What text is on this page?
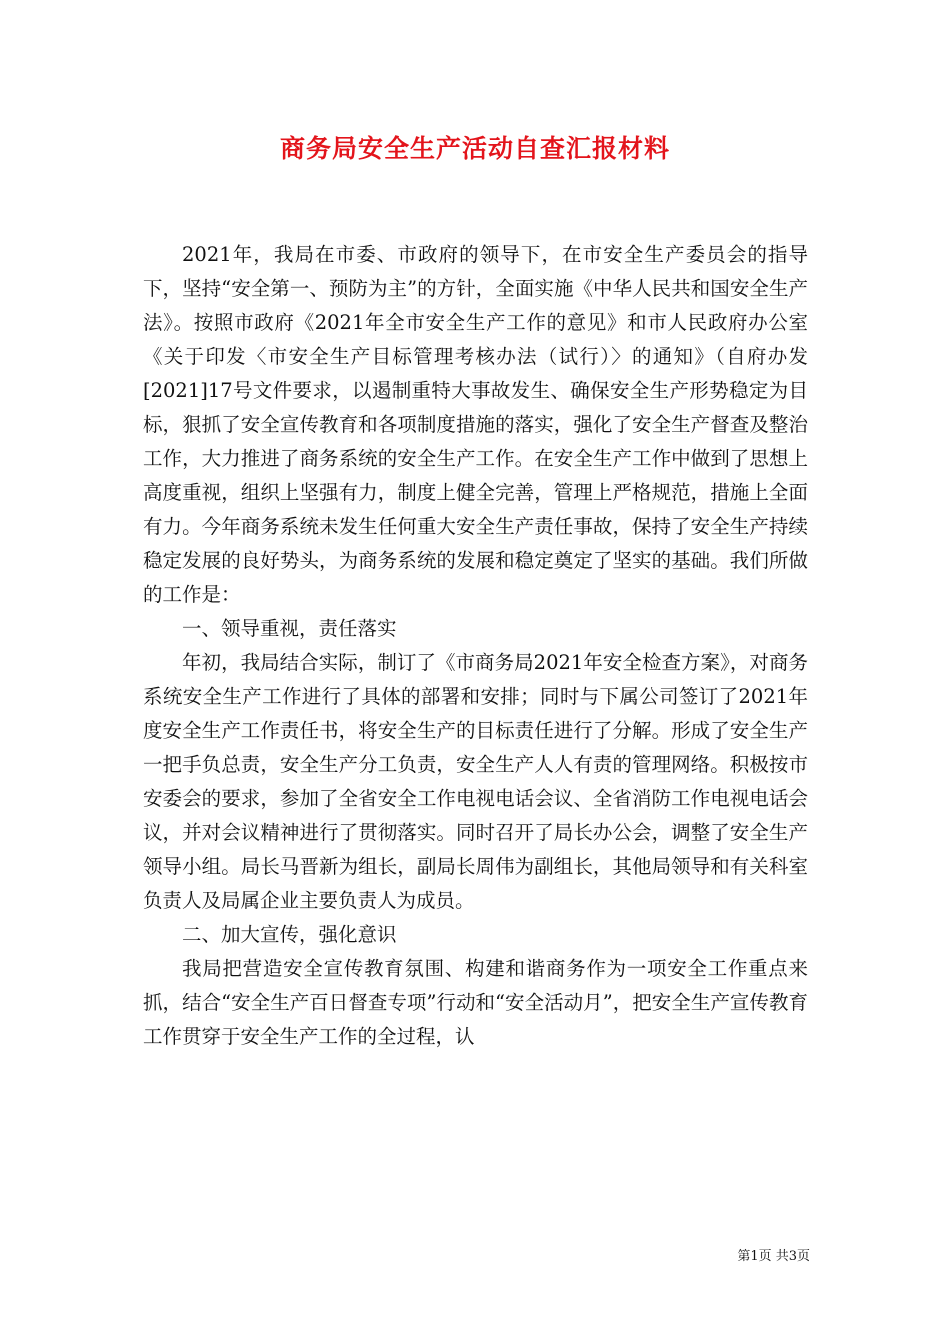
商务局安全生产活动自查汇报材料

2021年，我局在市委、市政府的领导下，在市安全生产委员会的指导下，坚持“安全第一、预防为主”的方针，全面实施《中华人民共和国安全生产法》。按照市政府《2021年全市安全生产工作的意见》和市人民政府办公室《关于印发〈市安全生产目标管理考核办法（试行）〉的通知》（自府办发[2021]17号文件要求，以遏制重特大事故发生、确保安全生产形势稳定为目标，狠抓了安全宣传教育和各项制度措施的落实，强化了安全生产督查及整治工作，大力推进了商务系统的安全生产工作。在安全生产工作中做到了思想上高度重视，组织上坚强有力，制度上健全完善，管理上严格规范，措施上全面有力。今年商务系统未发生任何重大安全生产责任事故，保持了安全生产持续稳定发展的良好势头，为商务系统的发展和稳定奠定了坚实的基础。我们所做的工作是：

一、领导重视，责任落实

年初，我局结合实际，制订了《市商务局2021年安全检查方案》，对商务系统安全生产工作进行了具体的部署和安排；同时与下属公司签订了2021年度安全生产工作责任书，将安全生产的目标责任进行了分解。形成了安全生产一把手负总责，安全生产分工负责，安全生产人人有责的管理网络。积极按市安委会的要求，参加了全省安全工作电视电话会议、全省消防工作电视电话会议，并对会议精神进行了贯彻落实。同时召开了局长办公会，调整了安全生产领导小组。局长马晋新为组长，副局长周伟为副组长，其他局领导和有关科室负责人及局属企业主要负责人为成员。

二、加大宣传，强化意识

我局把营造安全宣传教育氛围、构建和谐商务作为一项安全工作重点来抓，结合“安全生产百日督查专项”行动和“安全活动月”，把安全生产宣传教育工作贯穿于安全生产工作的全过程，认

第1页 共3页
